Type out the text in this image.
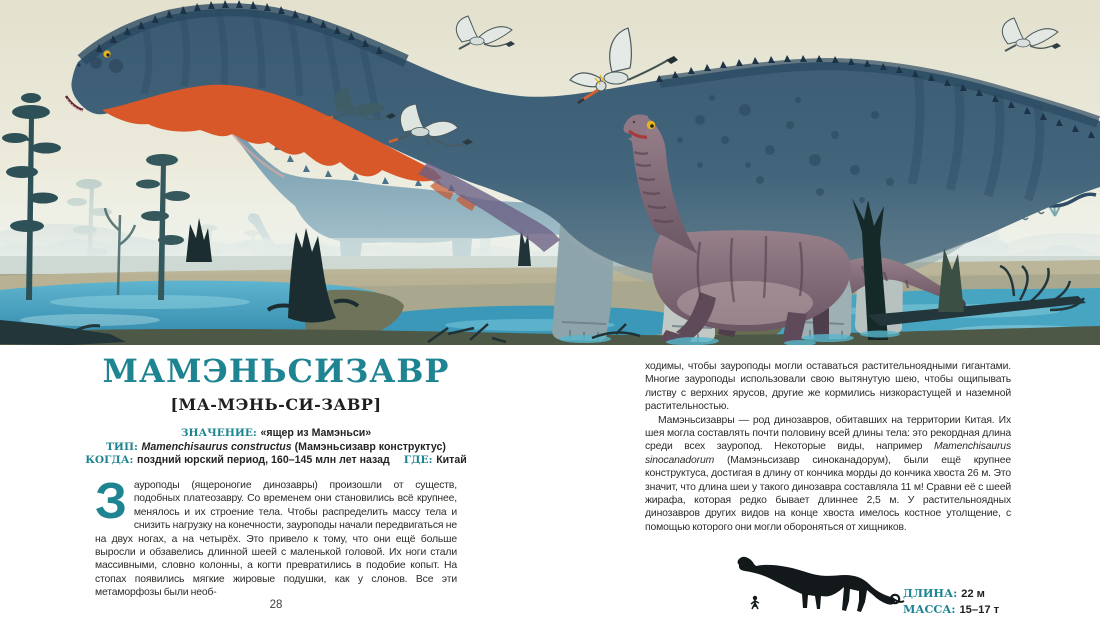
МАМЭНЬСИЗАВР
[МА-МЭНЬ-СИ-ЗАВР]
ЗНАЧЕНИЕ: «ящер из Мамэньси»
ТИП: Mamenchisaurus constructus (Мамэньсизавр конструктус)
КОГДА: поздний юрский период, 160–145 млн лет назад ГДЕ: Китай
Зауроподы (ящероногие динозавры) произошли от существ, подобных платеозавру. Со временем они становились всё крупнее, менялось и их строение тела. Чтобы распределить массу тела и снизить нагрузку на конечности, зауроподы начали передвигаться не на двух ногах, а на четырёх. Это привело к тому, что они ещё больше выросли и обзавелись длинной шеей с маленькой головой. Их ноги стали массивными, словно колонны, а когти превратились в подобие копыт. На стопах появились мягкие жировые подушки, как у слонов. Все эти метаморфозы были необ-
ходимы, чтобы зауроподы могли оставаться растительноядными гигантами. Многие зауроподы использовали свою вытянутую шею, чтобы ощипывать листву с верхних ярусов, другие же кормились низкорастущей и наземной растительностью.
Мамэньсизавры — род динозавров, обитавших на территории Китая. Их шея могла составлять почти половину всей длины тела: это рекордная длина среди всех зауропод. Некоторые виды, например Mamenchisaurus sinocanadorum (Мамэньсизавр синоканадорум), были ещё крупнее конструктуса, достигая в длину от кончика морды до кончика хвоста 26 м. Это значит, что длина шеи у такого динозавра составляла 11 м! Сравни её с шеей жирафа, которая редко бывает длиннее 2,5 м. У растительноядных динозавров других видов на конце хвоста имелось костное утолщение, с помощью которого они могли обороняться от хищников.
28
ДЛИНА: 22 м
МАССА: 15–17 т
